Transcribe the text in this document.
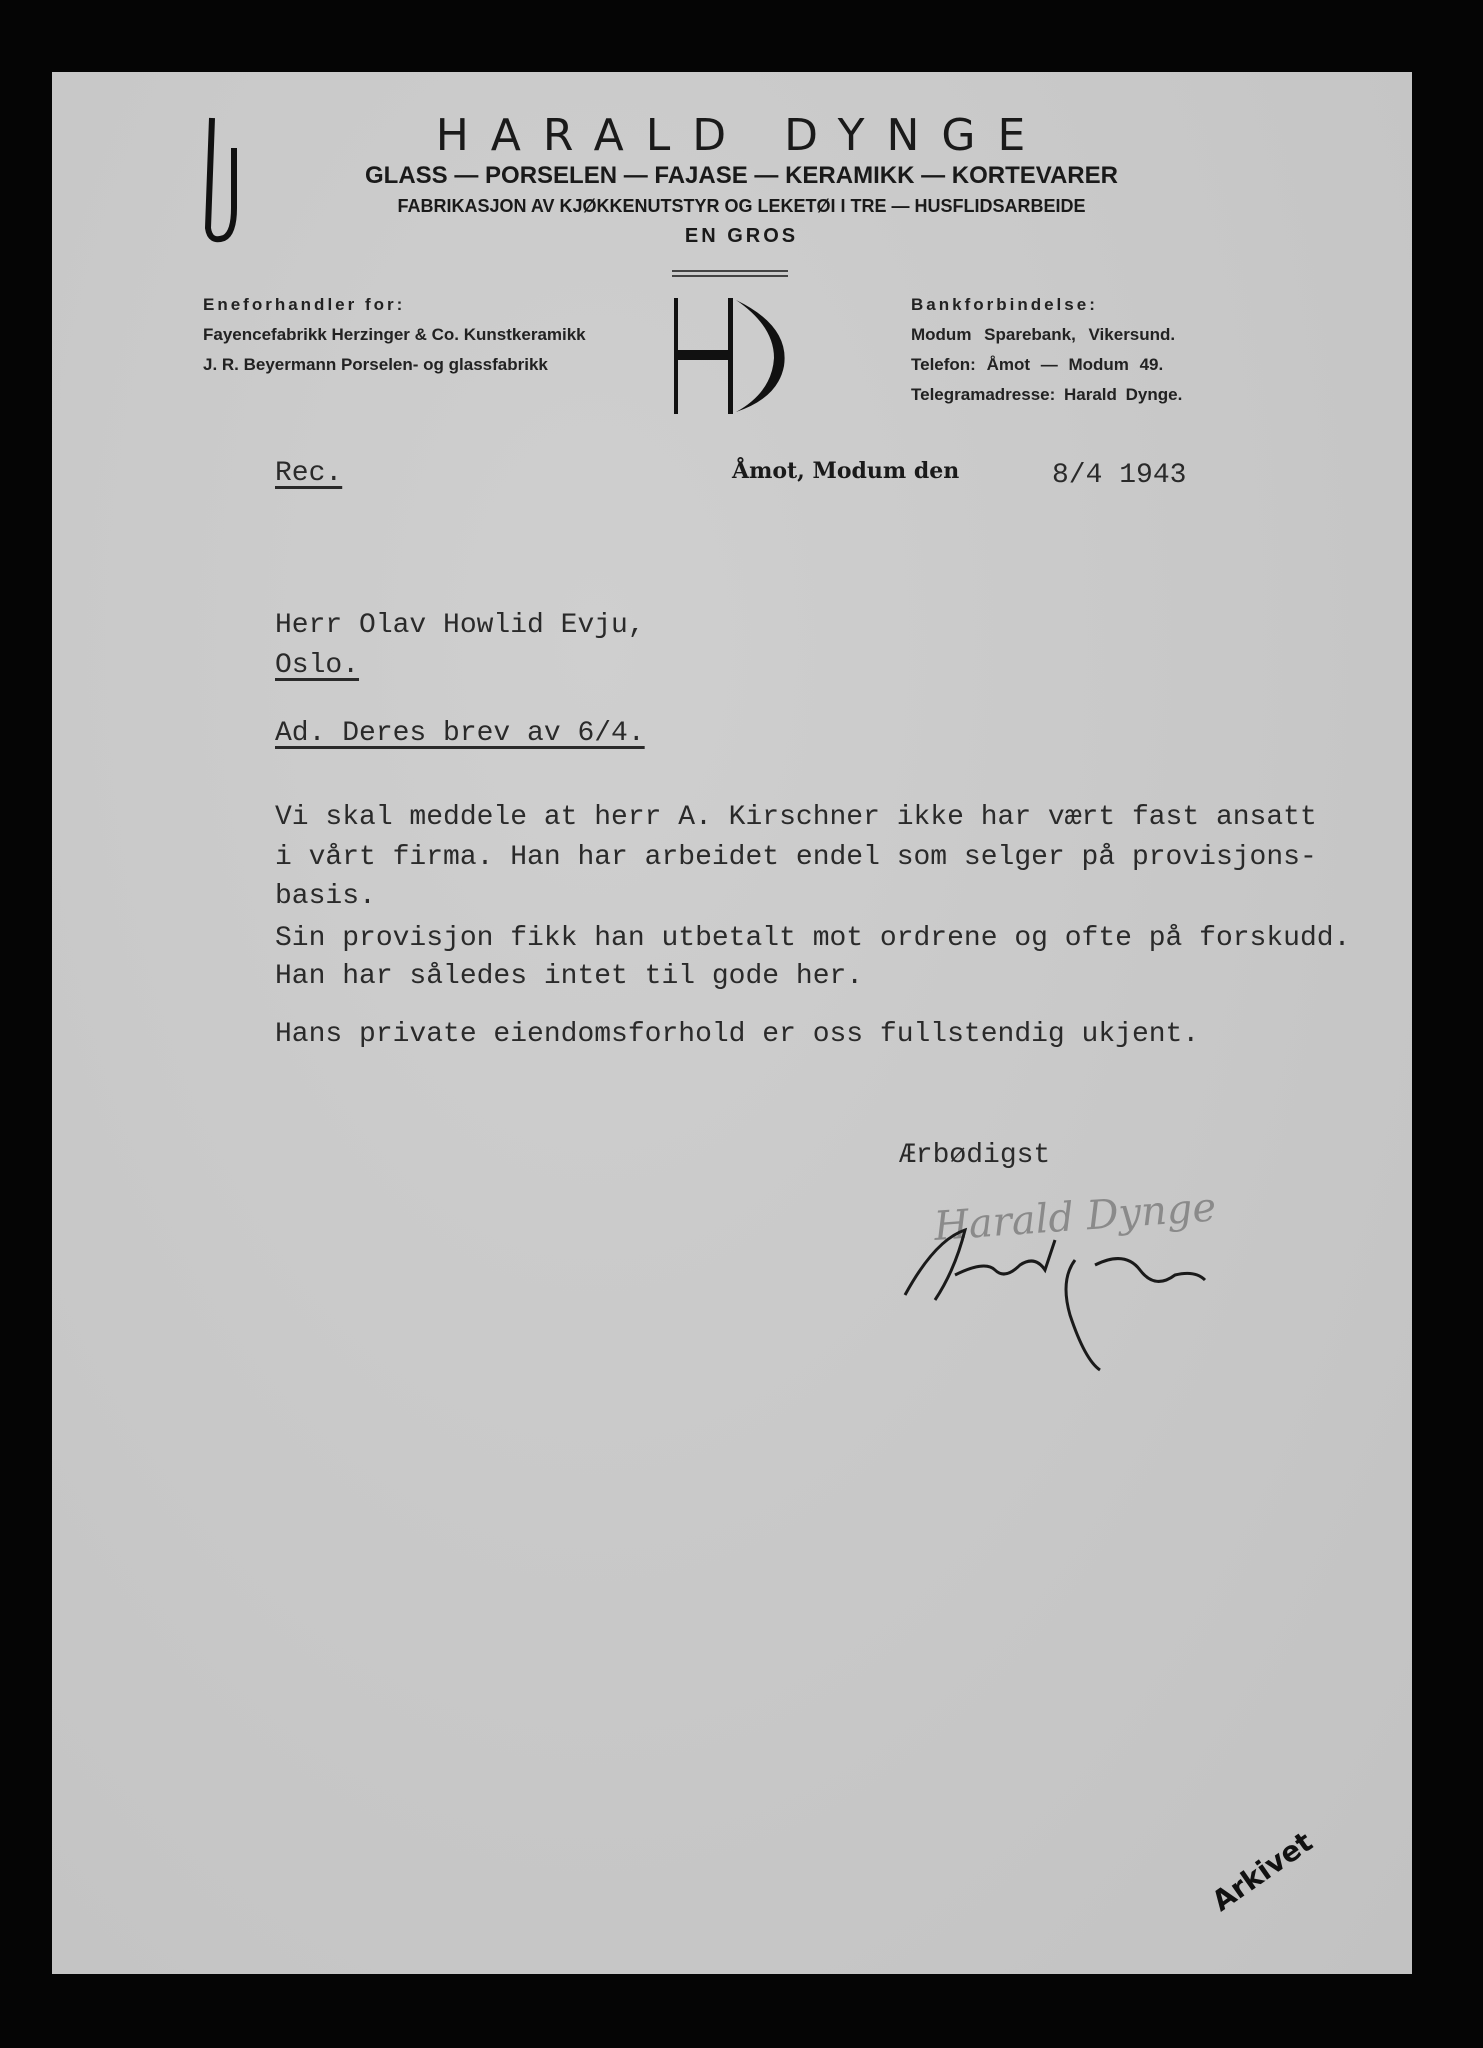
HARALD DYNGE
GLASS — PORSELEN — FAJASE — KERAMIKK — KORTEVARER
FABRIKASJON AV KJØKKENUTSTYR OG LEKETØI I TRE — HUSFLIDSARBEIDE
EN GROS
Eneforhandler for:
Fayencefabrikk Herzinger & Co. Kunstkeramikk
J. R. Beyermann Porselen- og glassfabrikk
Bankforbindelse:
Modum Sparebank, Vikersund.
Telefon: Åmot — Modum 49.
Telegramadresse: Harald Dynge.
Rec.	Åmot, Modum den	8/4 1943
Herr Olav Howlid Evju,
Oslo.
Ad. Deres brev av 6/4.
Vi skal meddele at herr A. Kirschner ikke har vært fast ansatt
i vårt firma. Han har arbeidet endel som selger på provisjons-
basis.
Sin provisjon fikk han utbetalt mot ordrene og ofte på forskudd.
Han har således intet til gode her.
Hans private eiendomsforhold er oss fullstendig ukjent.
Ærbødigst
Harald Dynge
Arkivet
